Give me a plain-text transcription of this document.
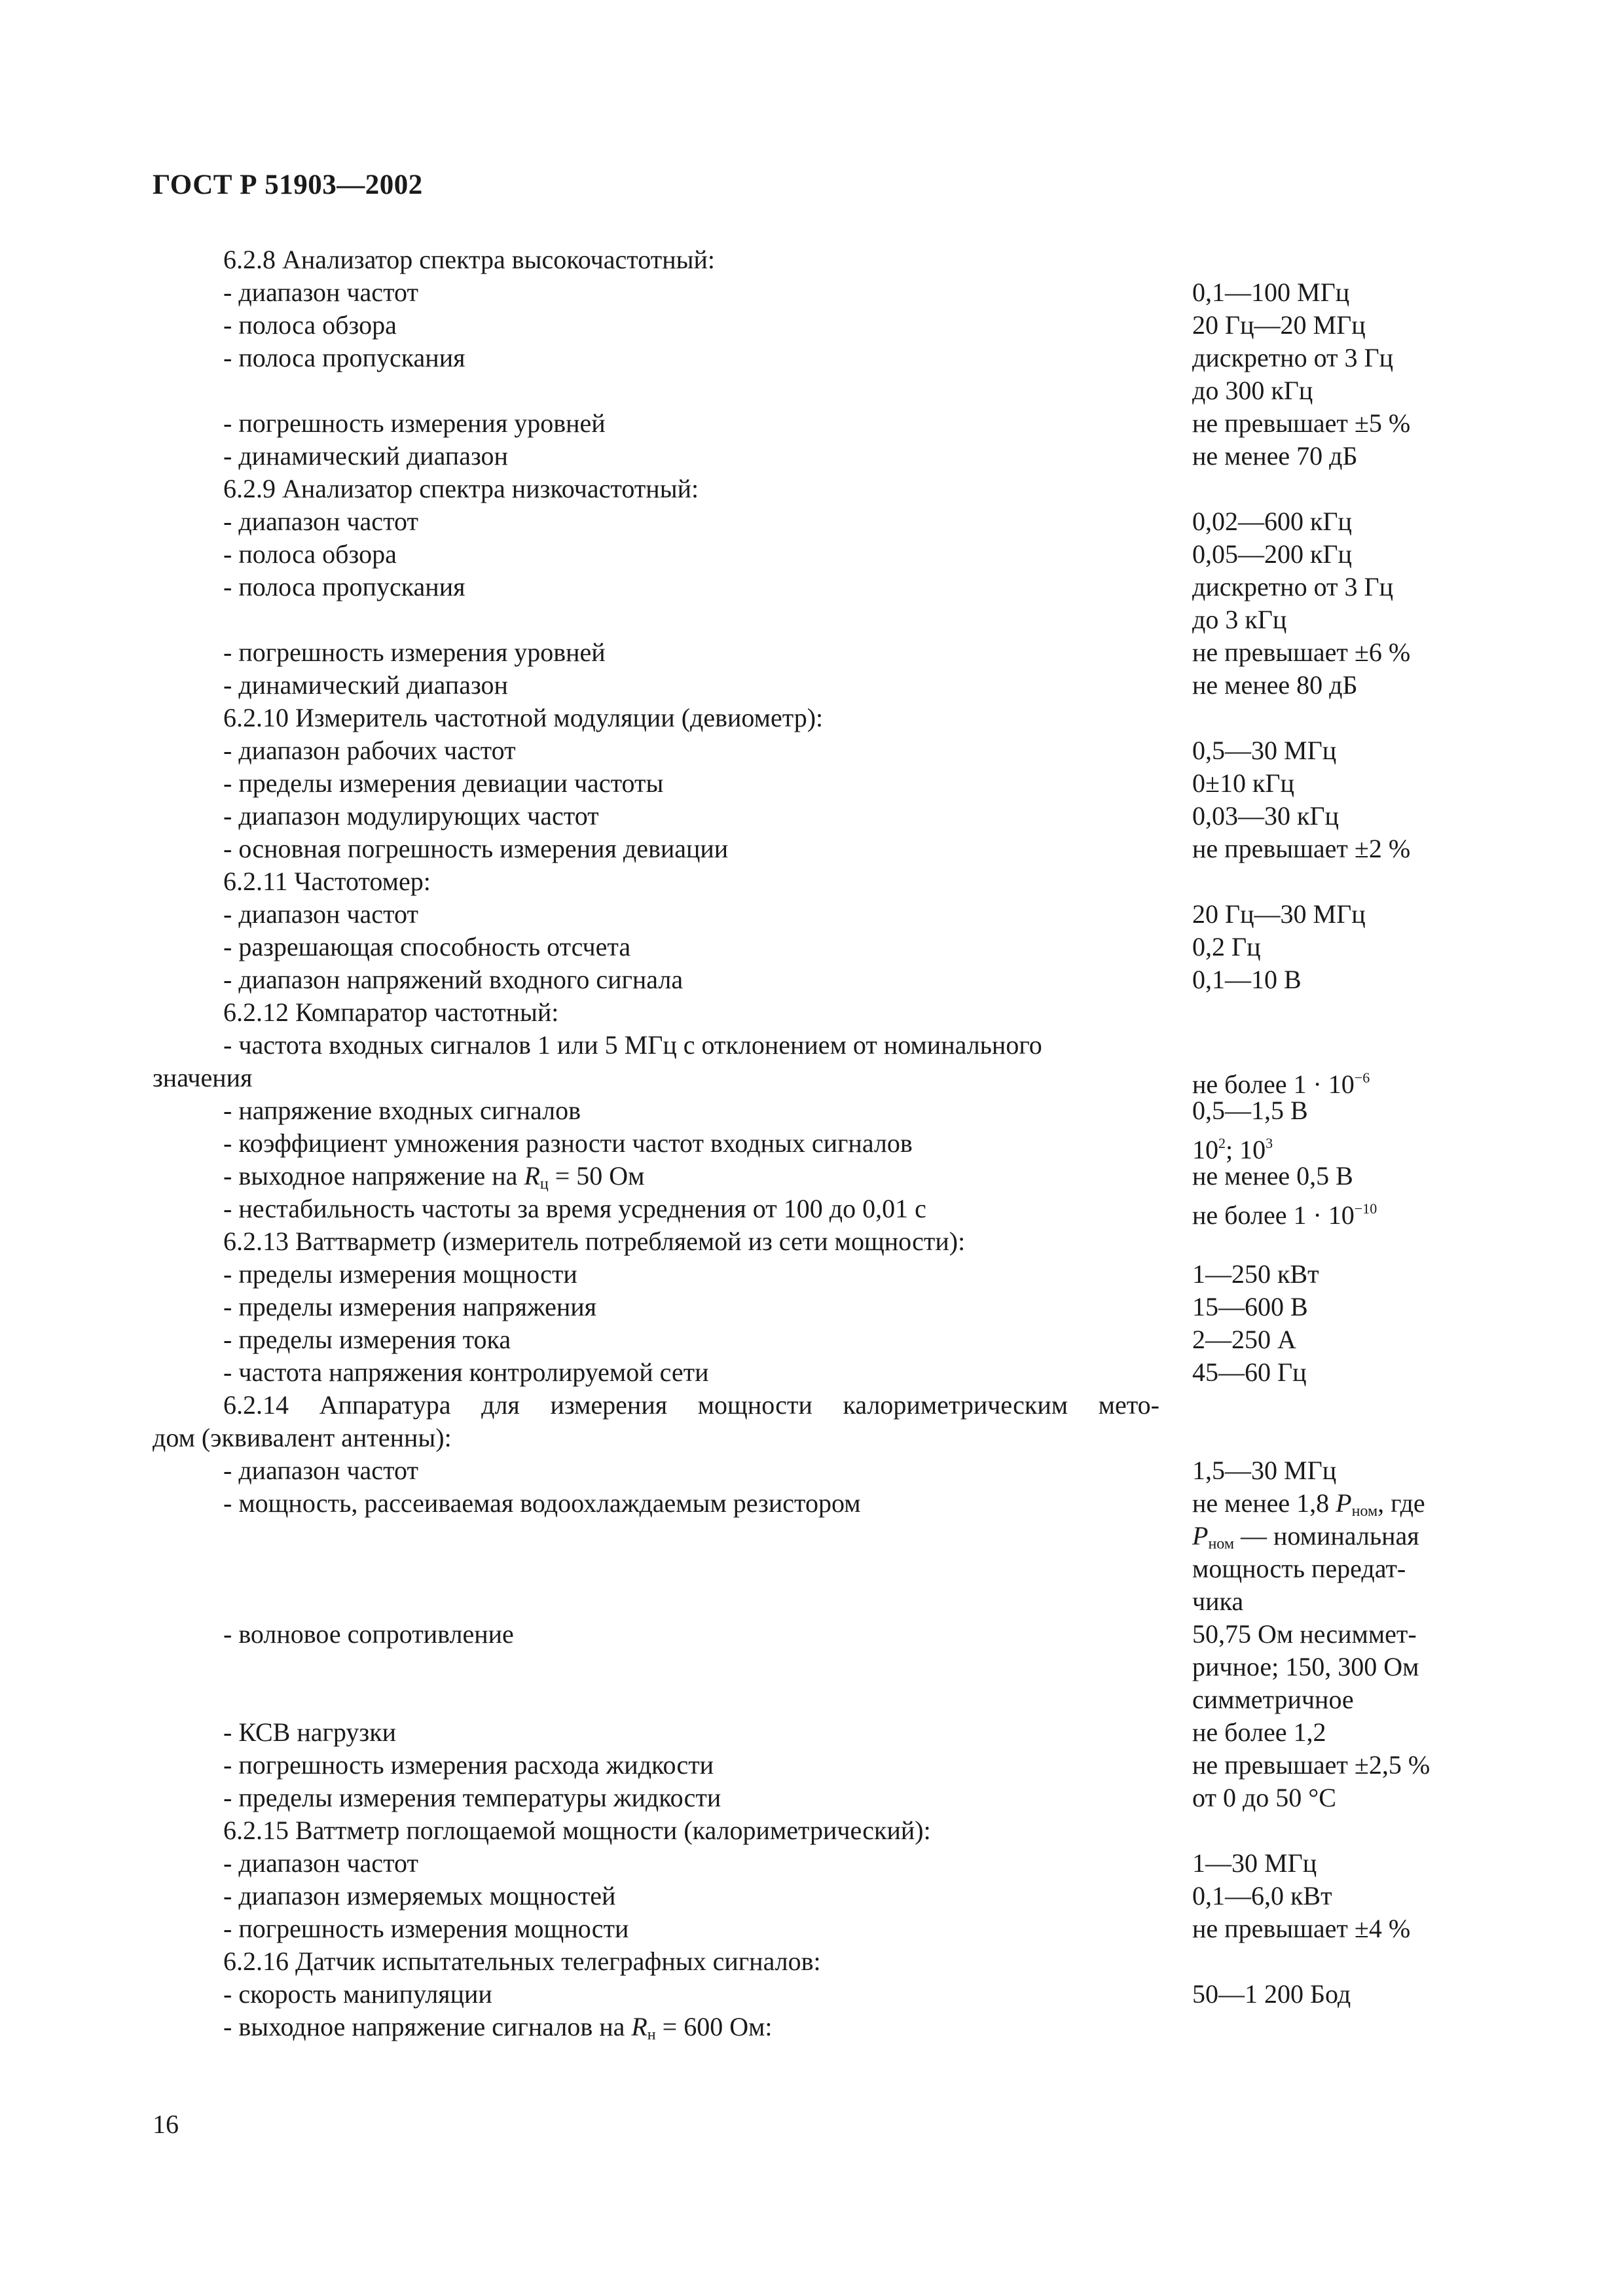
ГОСТ Р 51903—2002
6.2.8 Анализатор спектра высокочастотный:
- диапазон частот	0,1—100 МГц
- полоса обзора	20 Гц—20 МГц
- полоса пропускания	дискретно от 3 Гц
до 300 кГц
- погрешность измерения уровней	не превышает ±5 %
- динамический диапазон	не менее 70 дБ
6.2.9 Анализатор спектра низкочастотный:
- диапазон частот	0,02—600 кГц
- полоса обзора	0,05—200 кГц
- полоса пропускания	дискретно от 3 Гц
до 3 кГц
- погрешность измерения уровней	не превышает ±6 %
- динамический диапазон	не менее 80 дБ
6.2.10 Измеритель частотной модуляции (девиометр):
- диапазон рабочих частот	0,5—30 МГц
- пределы измерения девиации частоты	0±10 кГц
- диапазон модулирующих частот	0,03—30 кГц
- основная погрешность измерения девиации	не превышает ±2 %
6.2.11 Частотомер:
- диапазон частот	20 Гц—30 МГц
- разрешающая способность отсчета	0,2 Гц
- диапазон напряжений входного сигнала	0,1—10 В
6.2.12 Компаратор частотный:
- частота входных сигналов 1 или 5 МГц с отклонением от номинального
значения	не более $1 \cdot 10^{-6}$
- напряжение входных сигналов	0,5—1,5 В
- коэффициент умножения разности частот входных сигналов	$10^2$; $10^3$
- выходное напряжение на $R_ц = 50$ Ом	не менее 0,5 В
- нестабильность частоты за время усреднения от 100 до 0,01 с	не более $1 \cdot 10^{-10}$
6.2.13 Ваттварметр (измеритель потребляемой из сети мощности):
- пределы измерения мощности	1—250 кВт
- пределы измерения напряжения	15—600 В
- пределы измерения тока	2—250 А
- частота напряжения контролируемой сети	45—60 Гц
6.2.14 Аппаратура для измерения мощности калориметрическим мето-
дом (эквивалент антенны):
- диапазон частот	1,5—30 МГц
- мощность, рассеиваемая водоохлаждаемым резистором	не менее 1,8 $P_{ном}$, где
$P_{ном}$ — номинальная
мощность передат-
чика
- волновое сопротивление	50,75 Ом несиммет-
ричное; 150, 300 Ом
симметричное
- КСВ нагрузки	не более 1,2
- погрешность измерения расхода жидкости	не превышает ±2,5 %
- пределы измерения температуры жидкости	от 0 до 50 °С
6.2.15 Ваттметр поглощаемой мощности (калориметрический):
- диапазон частот	1—30 МГц
- диапазон измеряемых мощностей	0,1—6,0 кВт
- погрешность измерения мощности	не превышает ±4 %
6.2.16 Датчик испытательных телеграфных сигналов:
- скорость манипуляции	50—1 200 Бод
- выходное напряжение сигналов на $R_н = 600$ Ом:
16
